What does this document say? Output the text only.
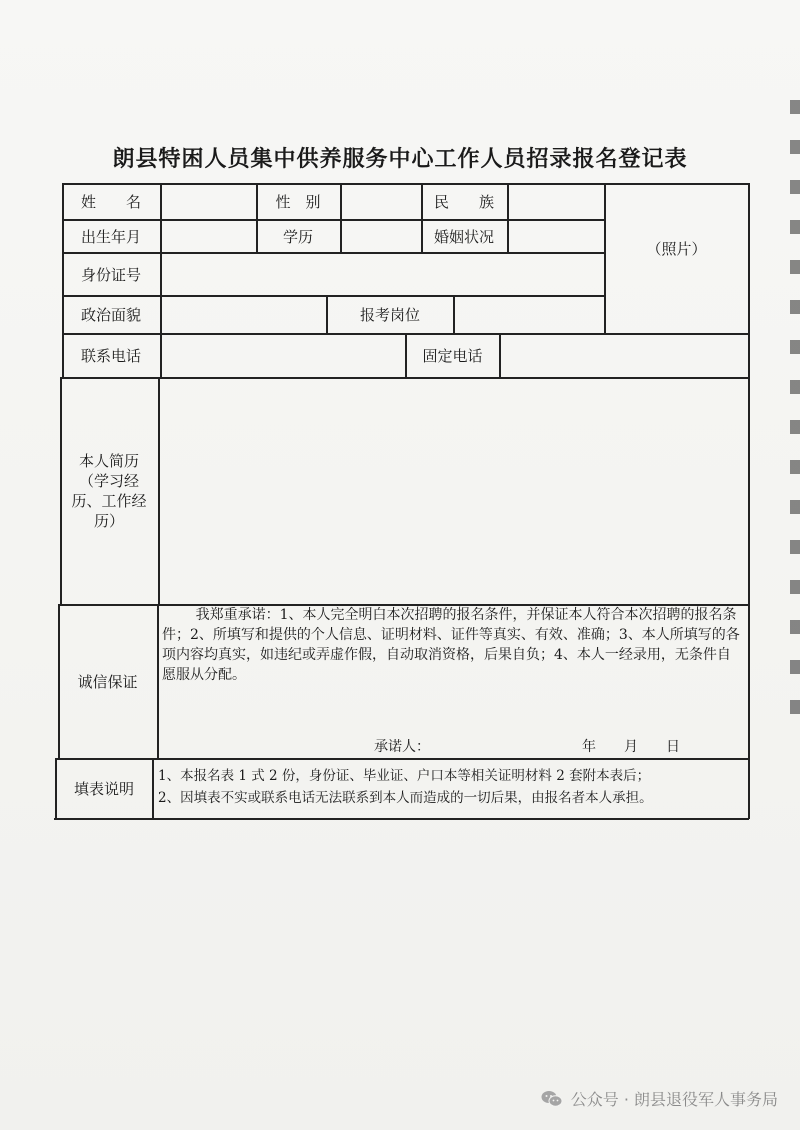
朗县特困人员集中供养服务中心工作人员招录报名登记表
姓　　名	性　别	民　　族
出生年月	学历	婚姻状况
（照片）
身份证号
政治面貌	报考岗位
联系电话	固定电话
本人简历
（学习经
历、工作经
历）
诚信保证
我郑重承诺：1、本人完全明白本次招聘的报名条件，并保证本人符合本次招聘的报名条件；2、所填写和提供的个人信息、证明材料、证件等真实、有效、准确；3、本人所填写的各项内容均真实，如违纪或弄虚作假，自动取消资格，后果自负；4、本人一经录用，无条件自愿服从分配。
承诺人：	年　　月　　日
填表说明
1、本报名表 1 式 2 份，身份证、毕业证、户口本等相关证明材料 2 套附本表后；
2、因填表不实或联系电话无法联系到本人而造成的一切后果，由报名者本人承担。
公众号 · 朗县退役军人事务局
